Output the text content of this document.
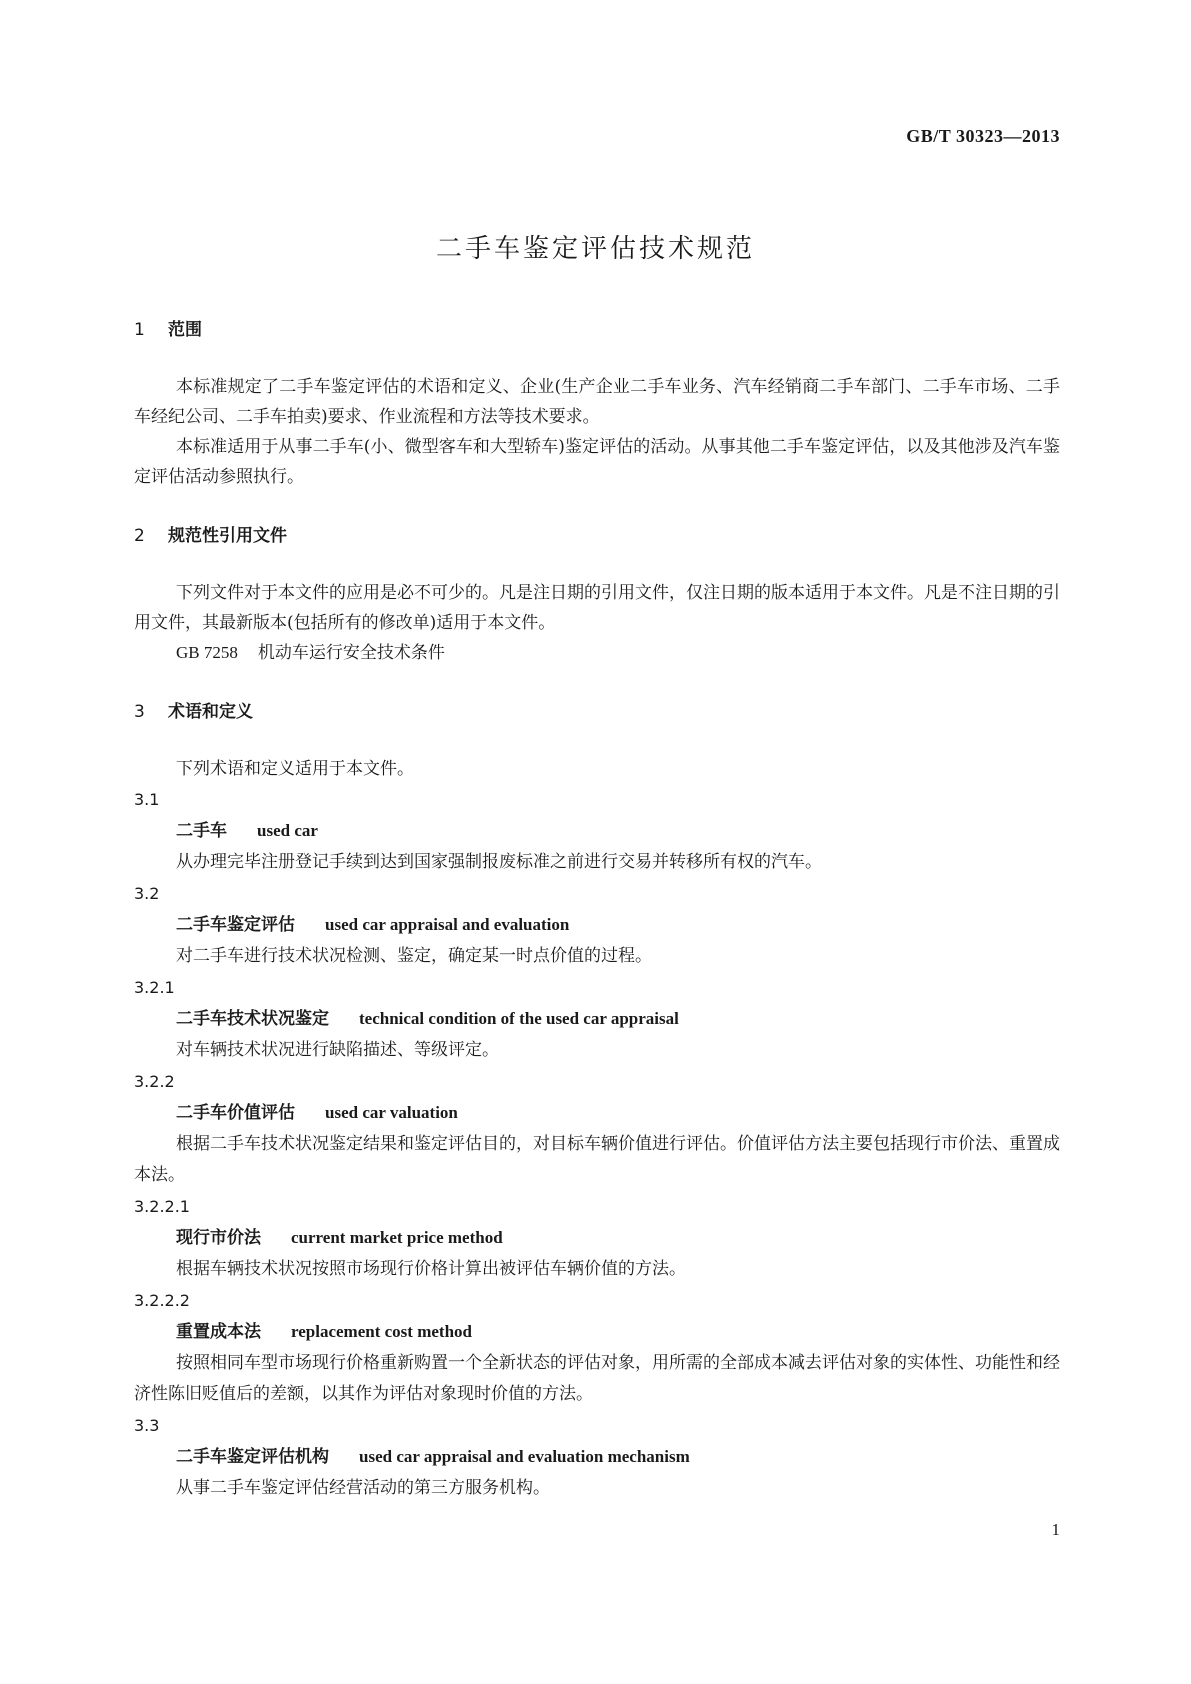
GB/T 30323—2013
二手车鉴定评估技术规范
1 范围
本标准规定了二手车鉴定评估的术语和定义、企业(生产企业二手车业务、汽车经销商二手车部门、二手车市场、二手车经纪公司、二手车拍卖)要求、作业流程和方法等技术要求。
本标准适用于从事二手车(小、微型客车和大型轿车)鉴定评估的活动。从事其他二手车鉴定评估，以及其他涉及汽车鉴定评估活动参照执行。
2 规范性引用文件
下列文件对于本文件的应用是必不可少的。凡是注日期的引用文件，仅注日期的版本适用于本文件。凡是不注日期的引用文件，其最新版本(包括所有的修改单)适用于本文件。
GB 7258 机动车运行安全技术条件
3 术语和定义
下列术语和定义适用于本文件。
3.1
二手车 used car
从办理完毕注册登记手续到达到国家强制报废标准之前进行交易并转移所有权的汽车。
3.2
二手车鉴定评估 used car appraisal and evaluation
对二手车进行技术状况检测、鉴定，确定某一时点价值的过程。
3.2.1
二手车技术状况鉴定 technical condition of the used car appraisal
对车辆技术状况进行缺陷描述、等级评定。
3.2.2
二手车价值评估 used car valuation
根据二手车技术状况鉴定结果和鉴定评估目的，对目标车辆价值进行评估。价值评估方法主要包括现行市价法、重置成本法。
3.2.2.1
现行市价法 current market price method
根据车辆技术状况按照市场现行价格计算出被评估车辆价值的方法。
3.2.2.2
重置成本法 replacement cost method
按照相同车型市场现行价格重新购置一个全新状态的评估对象，用所需的全部成本减去评估对象的实体性、功能性和经济性陈旧贬值后的差额，以其作为评估对象现时价值的方法。
3.3
二手车鉴定评估机构 used car appraisal and evaluation mechanism
从事二手车鉴定评估经营活动的第三方服务机构。
1
